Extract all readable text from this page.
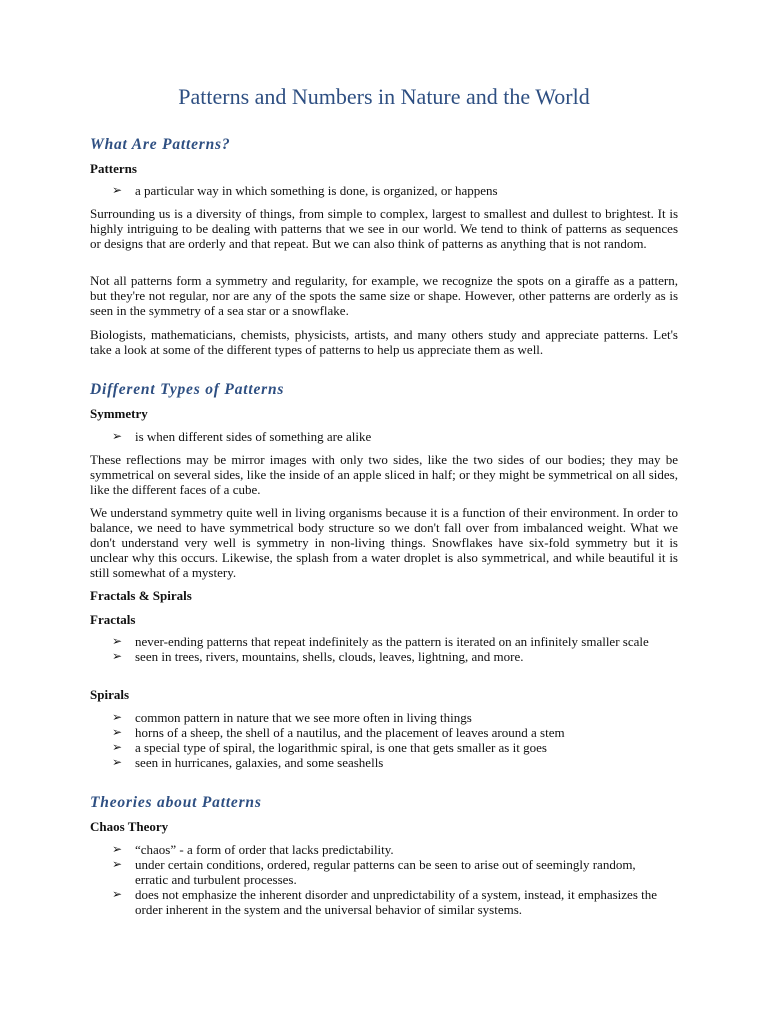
Patterns and Numbers in Nature and the World
What Are Patterns?
Patterns
➢ a particular way in which something is done, is organized, or happens
Surrounding us is a diversity of things, from simple to complex, largest to smallest and dullest to brightest. It is highly intriguing to be dealing with patterns that we see in our world. We tend to think of patterns as sequences or designs that are orderly and that repeat. But we can also think of patterns as anything that is not random.
Not all patterns form a symmetry and regularity, for example, we recognize the spots on a giraffe as a pattern, but they're not regular, nor are any of the spots the same size or shape. However, other patterns are orderly as is seen in the symmetry of a sea star or a snowflake.
Biologists, mathematicians, chemists, physicists, artists, and many others study and appreciate patterns. Let's take a look at some of the different types of patterns to help us appreciate them as well.
Different Types of Patterns
Symmetry
➢ is when different sides of something are alike
These reflections may be mirror images with only two sides, like the two sides of our bodies; they may be symmetrical on several sides, like the inside of an apple sliced in half; or they might be symmetrical on all sides, like the different faces of a cube.
We understand symmetry quite well in living organisms because it is a function of their environment. In order to balance, we need to have symmetrical body structure so we don't fall over from imbalanced weight. What we don't understand very well is symmetry in non-living things. Snowflakes have six-fold symmetry but it is unclear why this occurs. Likewise, the splash from a water droplet is also symmetrical, and while beautiful it is still somewhat of a mystery.
Fractals & Spirals
Fractals
➢ never-ending patterns that repeat indefinitely as the pattern is iterated on an infinitely smaller scale
➢ seen in trees, rivers, mountains, shells, clouds, leaves, lightning, and more.
Spirals
➢ common pattern in nature that we see more often in living things
➢ horns of a sheep, the shell of a nautilus, and the placement of leaves around a stem
➢ a special type of spiral, the logarithmic spiral, is one that gets smaller as it goes
➢ seen in hurricanes, galaxies, and some seashells
Theories about Patterns
Chaos Theory
➢ “chaos” - a form of order that lacks predictability.
➢ under certain conditions, ordered, regular patterns can be seen to arise out of seemingly random, erratic and turbulent processes.
➢ does not emphasize the inherent disorder and unpredictability of a system, instead, it emphasizes the order inherent in the system and the universal behavior of similar systems.
